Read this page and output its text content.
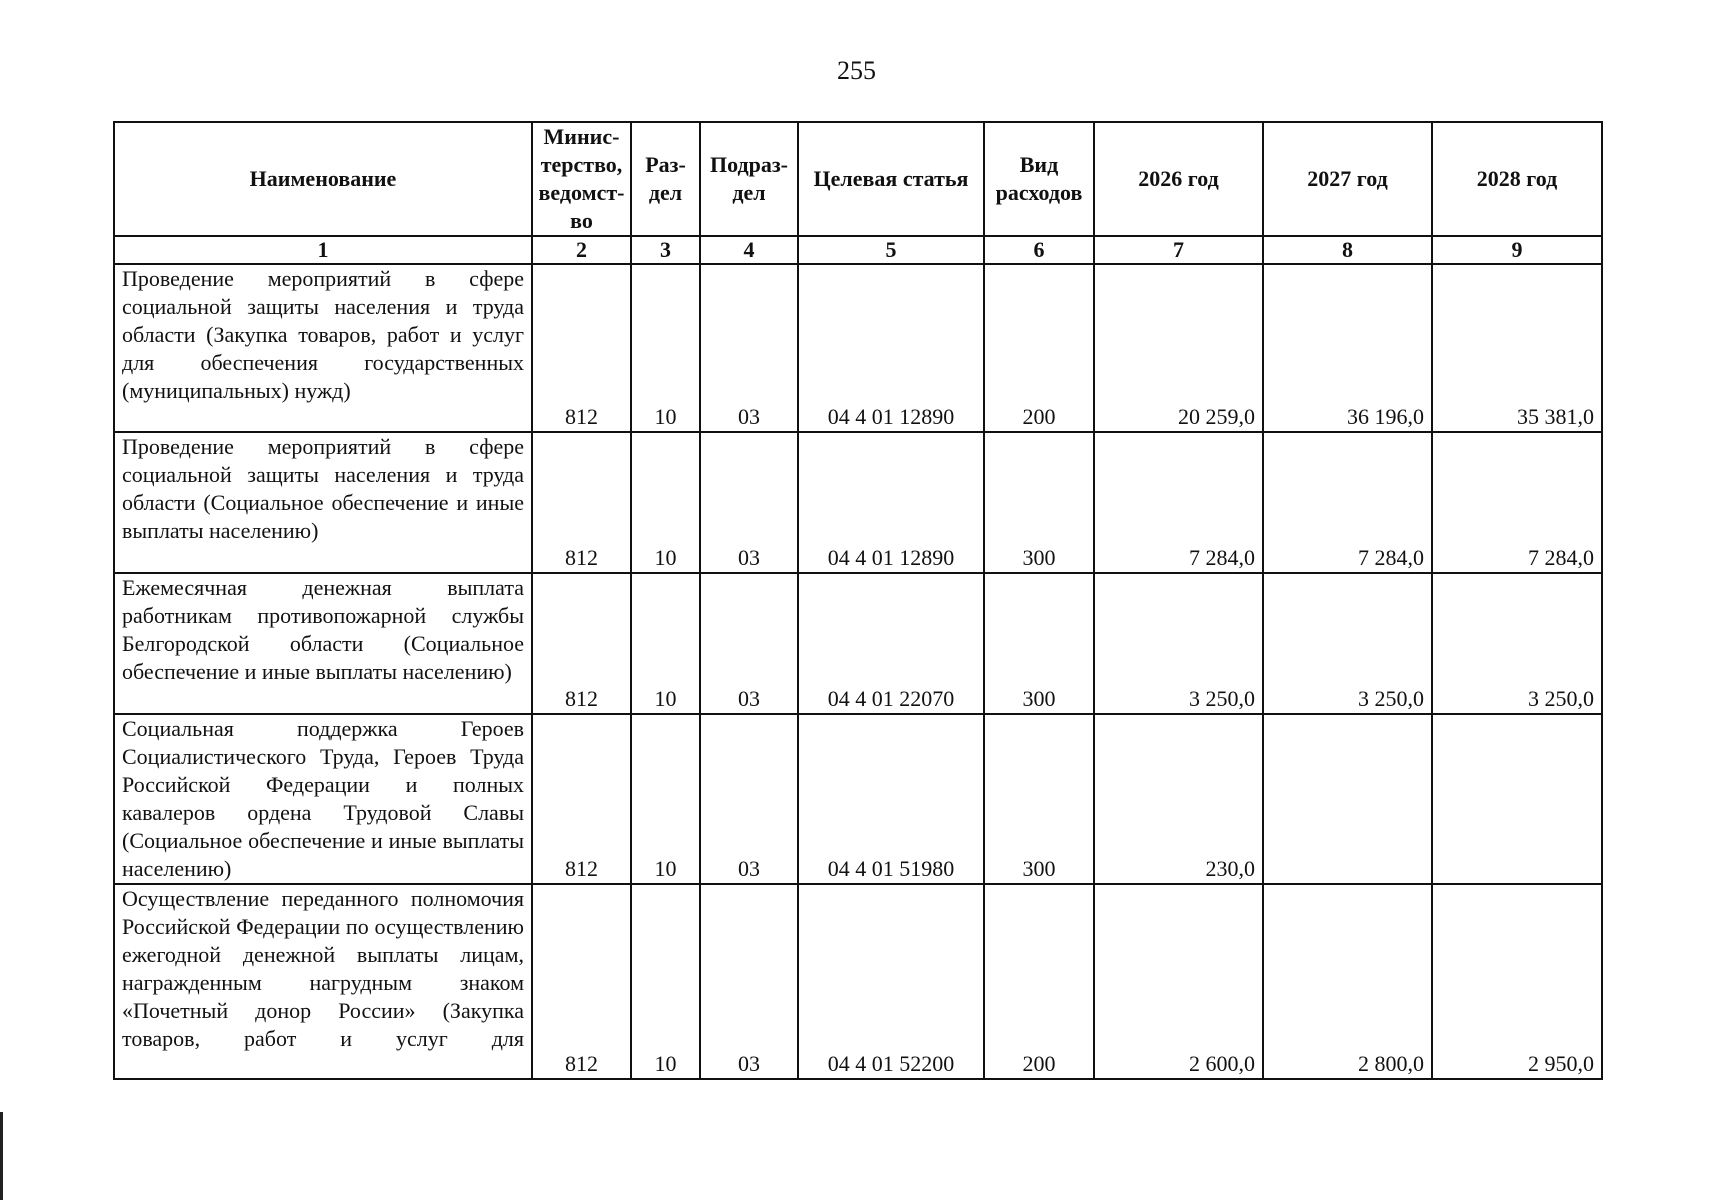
255
Наименование	Минис-терство, ведомст-во	Раз-дел	Подраз-дел	Целевая статья	Вид расходов	2026 год	2027 год	2028 год
1	2	3	4	5	6	7	8	9
Проведение мероприятий в сфере социальной защиты населения и труда области (Закупка товаров, работ и услуг для обеспечения государственных (муниципальных) нужд)	812	10	03	04 4 01 12890	200	20 259,0	36 196,0	35 381,0
Проведение мероприятий в сфере социальной защиты населения и труда области (Социальное обеспечение и иные выплаты населению)	812	10	03	04 4 01 12890	300	7 284,0	7 284,0	7 284,0
Ежемесячная денежная выплата работникам противопожарной службы Белгородской области (Социальное обеспечение и иные выплаты населению)	812	10	03	04 4 01 22070	300	3 250,0	3 250,0	3 250,0
Социальная поддержка Героев Социалистического Труда, Героев Труда Российской Федерации и полных кавалеров ордена Трудовой Славы (Социальное обеспечение и иные выплаты населению)	812	10	03	04 4 01 51980	300	230,0		
Осуществление переданного полномочия Российской Федерации по осуществлению ежегодной денежной выплаты лицам, награжденным нагрудным знаком «Почетный донор России» (Закупка товаров, работ и услуг для	812	10	03	04 4 01 52200	200	2 600,0	2 800,0	2 950,0
